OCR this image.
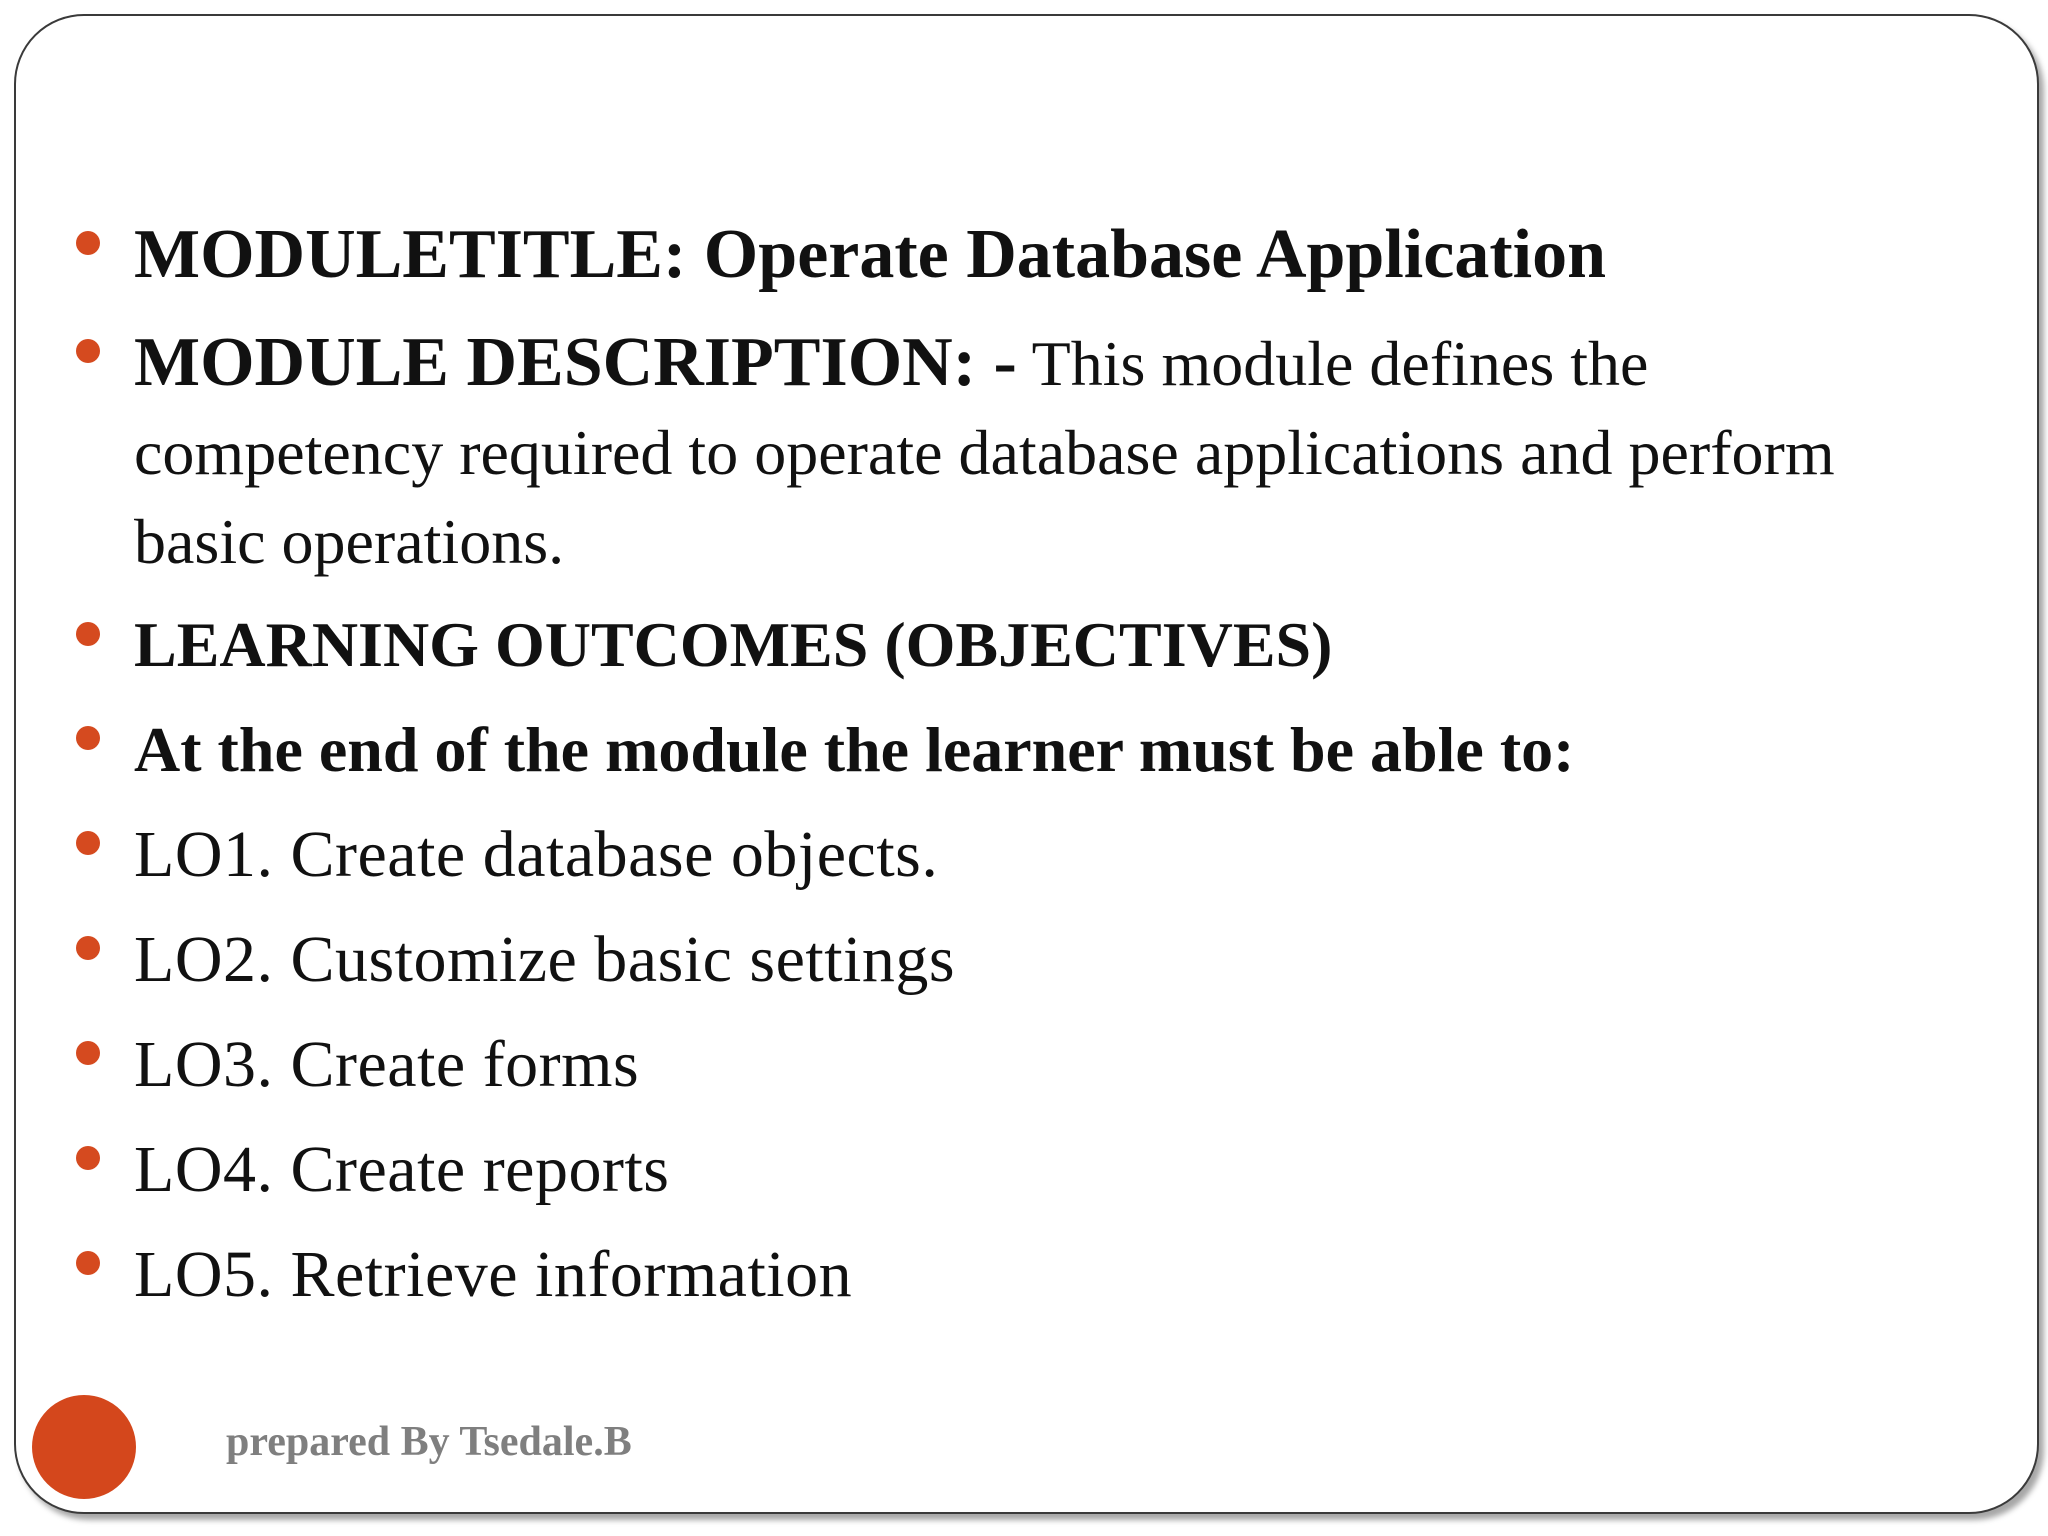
MODULETITLE: Operate Database Application

MODULE DESCRIPTION: - This module defines the competency required to operate database applications and perform basic operations.

LEARNING OUTCOMES (OBJECTIVES)

At the end of the module the learner must be able to:

LO1. Create database objects.

LO2. Customize basic settings

LO3. Create forms

LO4. Create reports

LO5. Retrieve information

prepared By Tsedale.B
